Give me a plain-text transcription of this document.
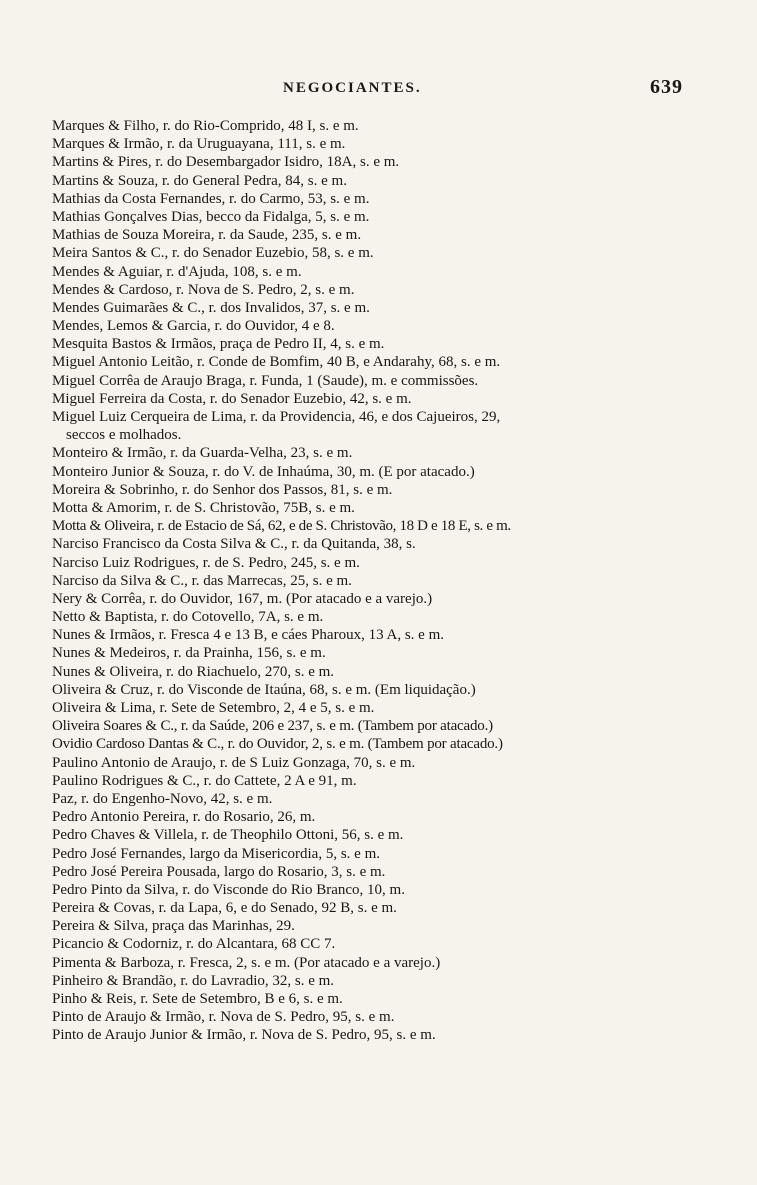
NEGOCIANTES.	639
Marques & Filho, r. do Rio-Comprido, 48 I, s. e m.
Marques & Irmão, r. da Uruguayana, 111, s. e m.
Martins & Pires, r. do Desembargador Isidro, 18A, s. e m.
Martins & Souza, r. do General Pedra, 84, s. e m.
Mathias da Costa Fernandes, r. do Carmo, 53, s. e m.
Mathias Gonçalves Dias, becco da Fidalga, 5, s. e m.
Mathias de Souza Moreira, r. da Saude, 235, s. e m.
Meira Santos & C., r. do Senador Euzebio, 58, s. e m.
Mendes & Aguiar, r. d'Ajuda, 108, s. e m.
Mendes & Cardoso, r. Nova de S. Pedro, 2, s. e m.
Mendes Guimarães & C., r. dos Invalidos, 37, s. e m.
Mendes, Lemos & Garcia, r. do Ouvidor, 4 e 8.
Mesquita Bastos & Irmãos, praça de Pedro II, 4, s. e m.
Miguel Antonio Leitão, r. Conde de Bomfim, 40 B, e Andarahy, 68, s. e m.
Miguel Corrêa de Araujo Braga, r. Funda, 1 (Saude), m. e commissões.
Miguel Ferreira da Costa, r. do Senador Euzebio, 42, s. e m.
Miguel Luiz Cerqueira de Lima, r. da Providencia, 46, e dos Cajueiros, 29,
seccos e molhados.
Monteiro & Irmão, r. da Guarda-Velha, 23, s. e m.
Monteiro Junior & Souza, r. do V. de Inhaúma, 30, m. (E por atacado.)
Moreira & Sobrinho, r. do Senhor dos Passos, 81, s. e m.
Motta & Amorim, r. de S. Christovão, 75B, s. e m.
Motta & Oliveira, r. de Estacio de Sá, 62, e de S. Christovão, 18 D e 18 E, s. e m.
Narciso Francisco da Costa Silva & C., r. da Quitanda, 38, s.
Narciso Luiz Rodrigues, r. de S. Pedro, 245, s. e m.
Narciso da Silva & C., r. das Marrecas, 25, s. e m.
Nery & Corrêa, r. do Ouvidor, 167, m. (Por atacado e a varejo.)
Netto & Baptista, r. do Cotovello, 7A, s. e m.
Nunes & Irmãos, r. Fresca 4 e 13 B, e cáes Pharoux, 13 A, s. e m.
Nunes & Medeiros, r. da Prainha, 156, s. e m.
Nunes & Oliveira, r. do Riachuelo, 270, s. e m.
Oliveira & Cruz, r. do Visconde de Itaúna, 68, s. e m. (Em liquidação.)
Oliveira & Lima, r. Sete de Setembro, 2, 4 e 5, s. e m.
Oliveira Soares & C., r. da Saúde, 206 e 237, s. e m. (Tambem por atacado.)
Ovidio Cardoso Dantas & C., r. do Ouvidor, 2, s. e m. (Tambem por atacado.)
Paulino Antonio de Araujo, r. de S Luiz Gonzaga, 70, s. e m.
Paulino Rodrigues & C., r. do Cattete, 2 A e 91, m.
Paz, r. do Engenho-Novo, 42, s. e m.
Pedro Antonio Pereira, r. do Rosario, 26, m.
Pedro Chaves & Villela, r. de Theophilo Ottoni, 56, s. e m.
Pedro José Fernandes, largo da Misericordia, 5, s. e m.
Pedro José Pereira Pousada, largo do Rosario, 3, s. e m.
Pedro Pinto da Silva, r. do Visconde do Rio Branco, 10, m.
Pereira & Covas, r. da Lapa, 6, e do Senado, 92 B, s. e m.
Pereira & Silva, praça das Marinhas, 29.
Picancio & Codorniz, r. do Alcantara, 68 CC 7.
Pimenta & Barboza, r. Fresca, 2, s. e m. (Por atacado e a varejo.)
Pinheiro & Brandão, r. do Lavradio, 32, s. e m.
Pinho & Reis, r. Sete de Setembro, B e 6, s. e m.
Pinto de Araujo & Irmão, r. Nova de S. Pedro, 95, s. e m.
Pinto de Araujo Junior & Irmão, r. Nova de S. Pedro, 95, s. e m.
